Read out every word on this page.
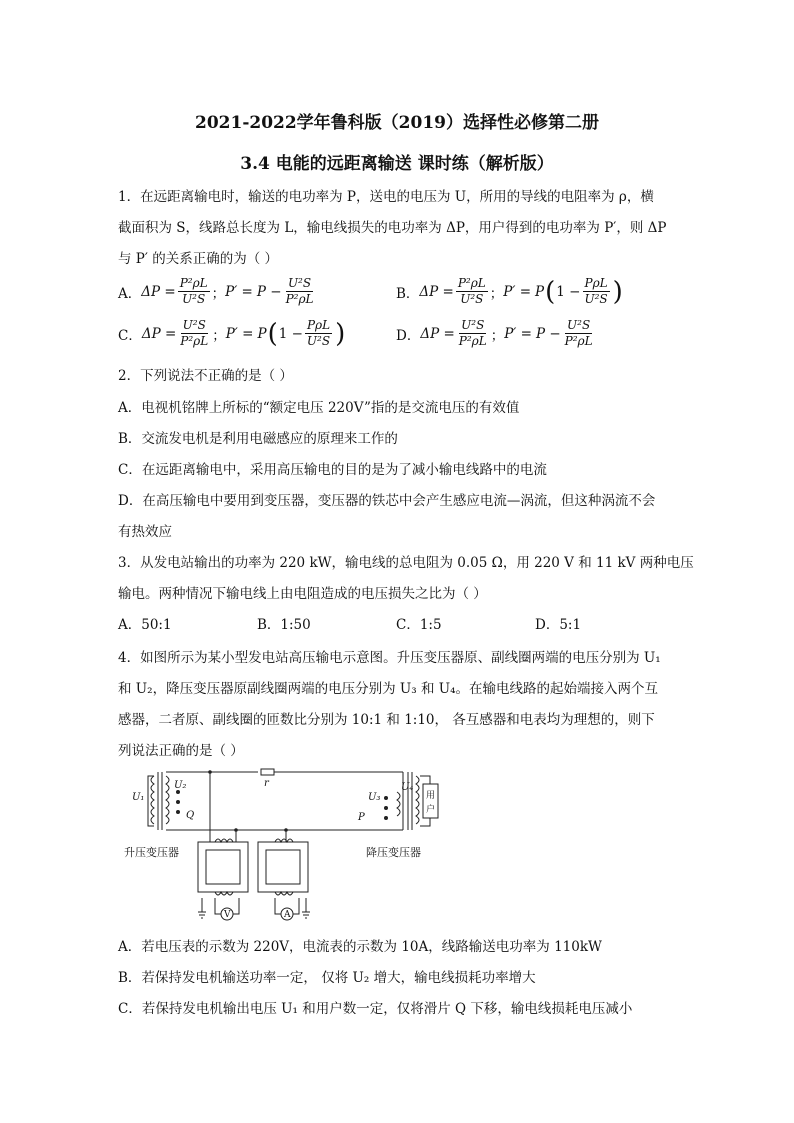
2021-2022学年鲁科版（2019）选择性必修第二册
3.4 电能的远距离输送 课时练（解析版）
1．在远距离输电时，输送的电功率为 P，送电的电压为 U，所用的导线的电阻率为 ρ，横
截面积为 S，线路总长度为 L，输电线损失的电功率为 ΔP，用户得到的电功率为 P′，则 ΔP
与 P′ 的关系正确的为（ ）
A． $\Delta P = \frac{\text{P²ρL}}{\text{U²S}}$ ； $P' = P - \frac{\text{U²S}}{\text{P²ρL}}$	B． $\Delta P = \frac{\text{P²ρL}}{\text{U²S}}$ ； P′ = P ( $1 - \frac{\text{PρL}}{\text{U²S}}$ )
C． $\Delta P = \frac{\text{U²S}}{\text{P²ρL}}$ ； P′ = P ( $1 - \frac{\text{PρL}}{\text{U²S}}$ )	D． $\Delta P = \frac{\text{U²S}}{\text{P²ρL}}$ ； $P' = P - \frac{\text{U²S}}{\text{P²ρL}}$
2．下列说法不正确的是（ ）
A．电视机铭牌上所标的“额定电压 220V”指的是交流电压的有效值
B．交流发电机是利用电磁感应的原理来工作的
C．在远距离输电中，采用高压输电的目的是为了减小输电线路中的电流
D．在高压输电中要用到变压器，变压器的铁芯中会产生感应电流—涡流，但这种涡流不会
有热效应
3．从发电站输出的功率为 220 kW，输电线的总电阻为 0.05 Ω，用 220 V 和 11 kV 两种电压
输电。两种情况下输电线上由电阻造成的电压损失之比为（ ）
A．50:1	B．1:50	C．1:5	D．5:1
4．如图所示为某小型发电站高压输电示意图。升压变压器原、副线圈两端的电压分别为 U₁
和 U₂，降压变压器原副线圈两端的电压分别为 U₃ 和 U₄。在输电线路的起始端接入两个互
感器，二者原、副线圈的匝数比分别为 10:1 和 1:10， 各互感器和电表均为理想的，则下
列说法正确的是（ ）
U₁
U₂	r
Q
U₃
P
U₄
用
户
V	A
升压变压器	降压变压器
A．若电压表的示数为 220V，电流表的示数为 10A，线路输送电功率为 110kW
B．若保持发电机输送功率一定， 仅将 U₂ 增大，输电线损耗功率增大
C．若保持发电机输出电压 U₁ 和用户数一定，仅将滑片 Q 下移，输电线损耗电压减小
